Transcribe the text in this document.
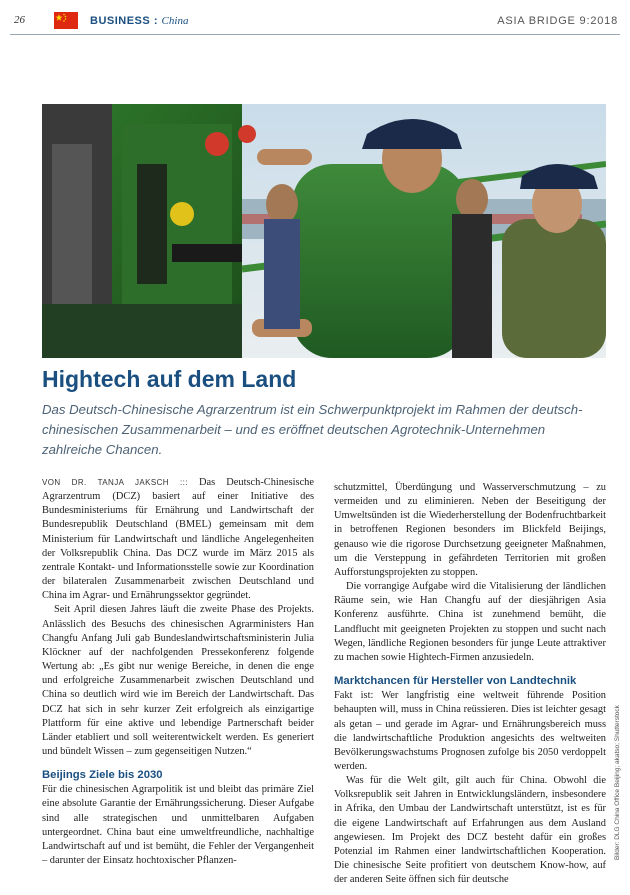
26	BUSINESS : China	ASIA BRIDGE 9:2018
Bilder: DLG China Office Beijing; akatso; Shutterstock
Hightech auf dem Land

Das Deutsch-Chinesische Agrarzentrum ist ein Schwerpunktprojekt im Rahmen der deutsch-chinesischen Zusammenarbeit – und es eröffnet deutschen Agrotechnik-Unternehmen zahlreiche Chancen.

VON DR. TANJA JAKSCH ::: Das Deutsch-Chinesische Agrarzentrum (DCZ) basiert auf einer Initiative des Bundesministeriums für Ernährung und Landwirtschaft der Bundesrepublik Deutschland (BMEL) gemeinsam mit dem Ministerium für Landwirtschaft und ländliche Angelegenheiten der Volksrepublik China. Das DCZ wurde im März 2015 als zentrale Kontakt- und Informationsstelle sowie zur Koordination der bilateralen Zusammenarbeit zwischen Deutschland und China im Agrar- und Ernährungssektor gegründet.

Seit April diesen Jahres läuft die zweite Phase des Projekts. Anlässlich des Besuchs des chinesischen Agrarministers Han Changfu Anfang Juli gab Bundeslandwirtschaftsministerin Julia Klöckner auf der nachfolgenden Pressekonferenz folgende Wertung ab: „Es gibt nur wenige Bereiche, in denen die enge und erfolgreiche Zusammenarbeit zwischen Deutschland und China so deutlich wird wie im Bereich der Landwirtschaft. Das DCZ hat sich in sehr kurzer Zeit erfolgreich als einzigartige Plattform für eine aktive und lebendige Partnerschaft beider Länder etabliert und soll weiterentwickelt werden. Es generiert und bündelt Wissen – zum gegenseitigen Nutzen.“

Beijings Ziele bis 2030

Für die chinesischen Agrarpolitik ist und bleibt das primäre Ziel eine absolute Garantie der Ernährungssicherung. Dieser Aufgabe sind alle strategischen und unmittelbaren Aufgaben untergeordnet. China baut eine umweltfreundliche, nachhaltige Landwirtschaft auf und ist bemüht, die Fehler der Vergangenheit – darunter der Einsatz hochtoxischer Pflanzen-

schutzmittel, Überdüngung und Wasserverschmutzung – zu vermeiden und zu eliminieren. Neben der Beseitigung der Umweltsünden ist die Wiederherstellung der Bodenfruchtbarkeit in betroffenen Regionen besonders im Blickfeld Beijings, genauso wie die rigorose Durchsetzung geeigneter Maßnahmen, um die Versteppung in gefährdeten Territorien mit großen Aufforstungsprojekten zu stoppen.

Die vorrangige Aufgabe wird die Vitalisierung der ländlichen Räume sein, wie Han Changfu auf der diesjährigen Asia Konferenz ausführte. China ist zunehmend bemüht, die Landflucht mit geeigneten Projekten zu stoppen und sucht nach Wegen, ländliche Regionen besonders für junge Leute attraktiver zu machen sowie Hightech-Firmen anzusiedeln.

Marktchancen für Hersteller von Landtechnik

Fakt ist: Wer langfristig eine weltweit führende Position behaupten will, muss in China reüssieren. Dies ist leichter gesagt als getan – und gerade im Agrar- und Ernährungsbereich muss die landwirtschaftliche Produktion angesichts des weltweiten Bevölkerungswachstums Prognosen zufolge bis 2050 verdoppelt werden.

Was für die Welt gilt, gilt auch für China. Obwohl die Volksrepublik seit Jahren in Entwicklungsländern, insbesondere in Afrika, den Umbau der Landwirtschaft unterstützt, ist es für die eigene Landwirtschaft auf Erfahrungen aus dem Ausland angewiesen. Im Projekt des DCZ besteht dafür ein großes Potenzial im Rahmen einer landwirtschaftlichen Kooperation. Die chinesische Seite profitiert von deutschem Know-how, auf der anderen Seite öffnen sich für deutsche
